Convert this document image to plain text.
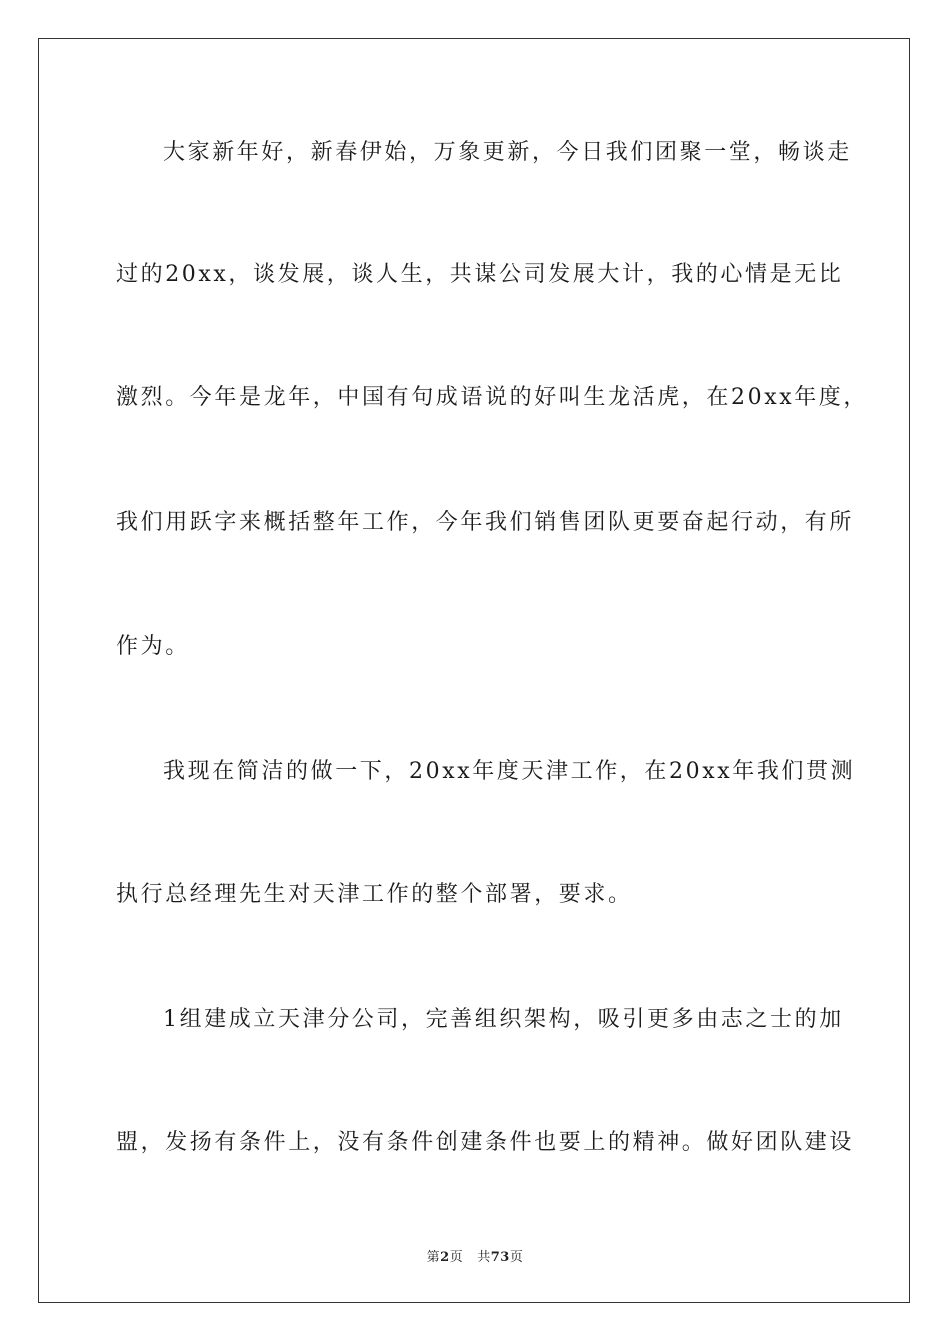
大家新年好，新春伊始，万象更新，今日我们团聚一堂，畅谈走
过的20xx，谈发展，谈人生，共谋公司发展大计，我的心情是无比
激烈。今年是龙年，中国有句成语说的好叫生龙活虎，在20xx年度，
我们用跃字来概括整年工作，今年我们销售团队更要奋起行动，有所
作为。
我现在简洁的做一下，20xx年度天津工作，在20xx年我们贯测
执行总经理先生对天津工作的整个部署，要求。
1组建成立天津分公司，完善组织架构，吸引更多由志之士的加
盟，发扬有条件上，没有条件创建条件也要上的精神。做好团队建设
第2页 共73页
